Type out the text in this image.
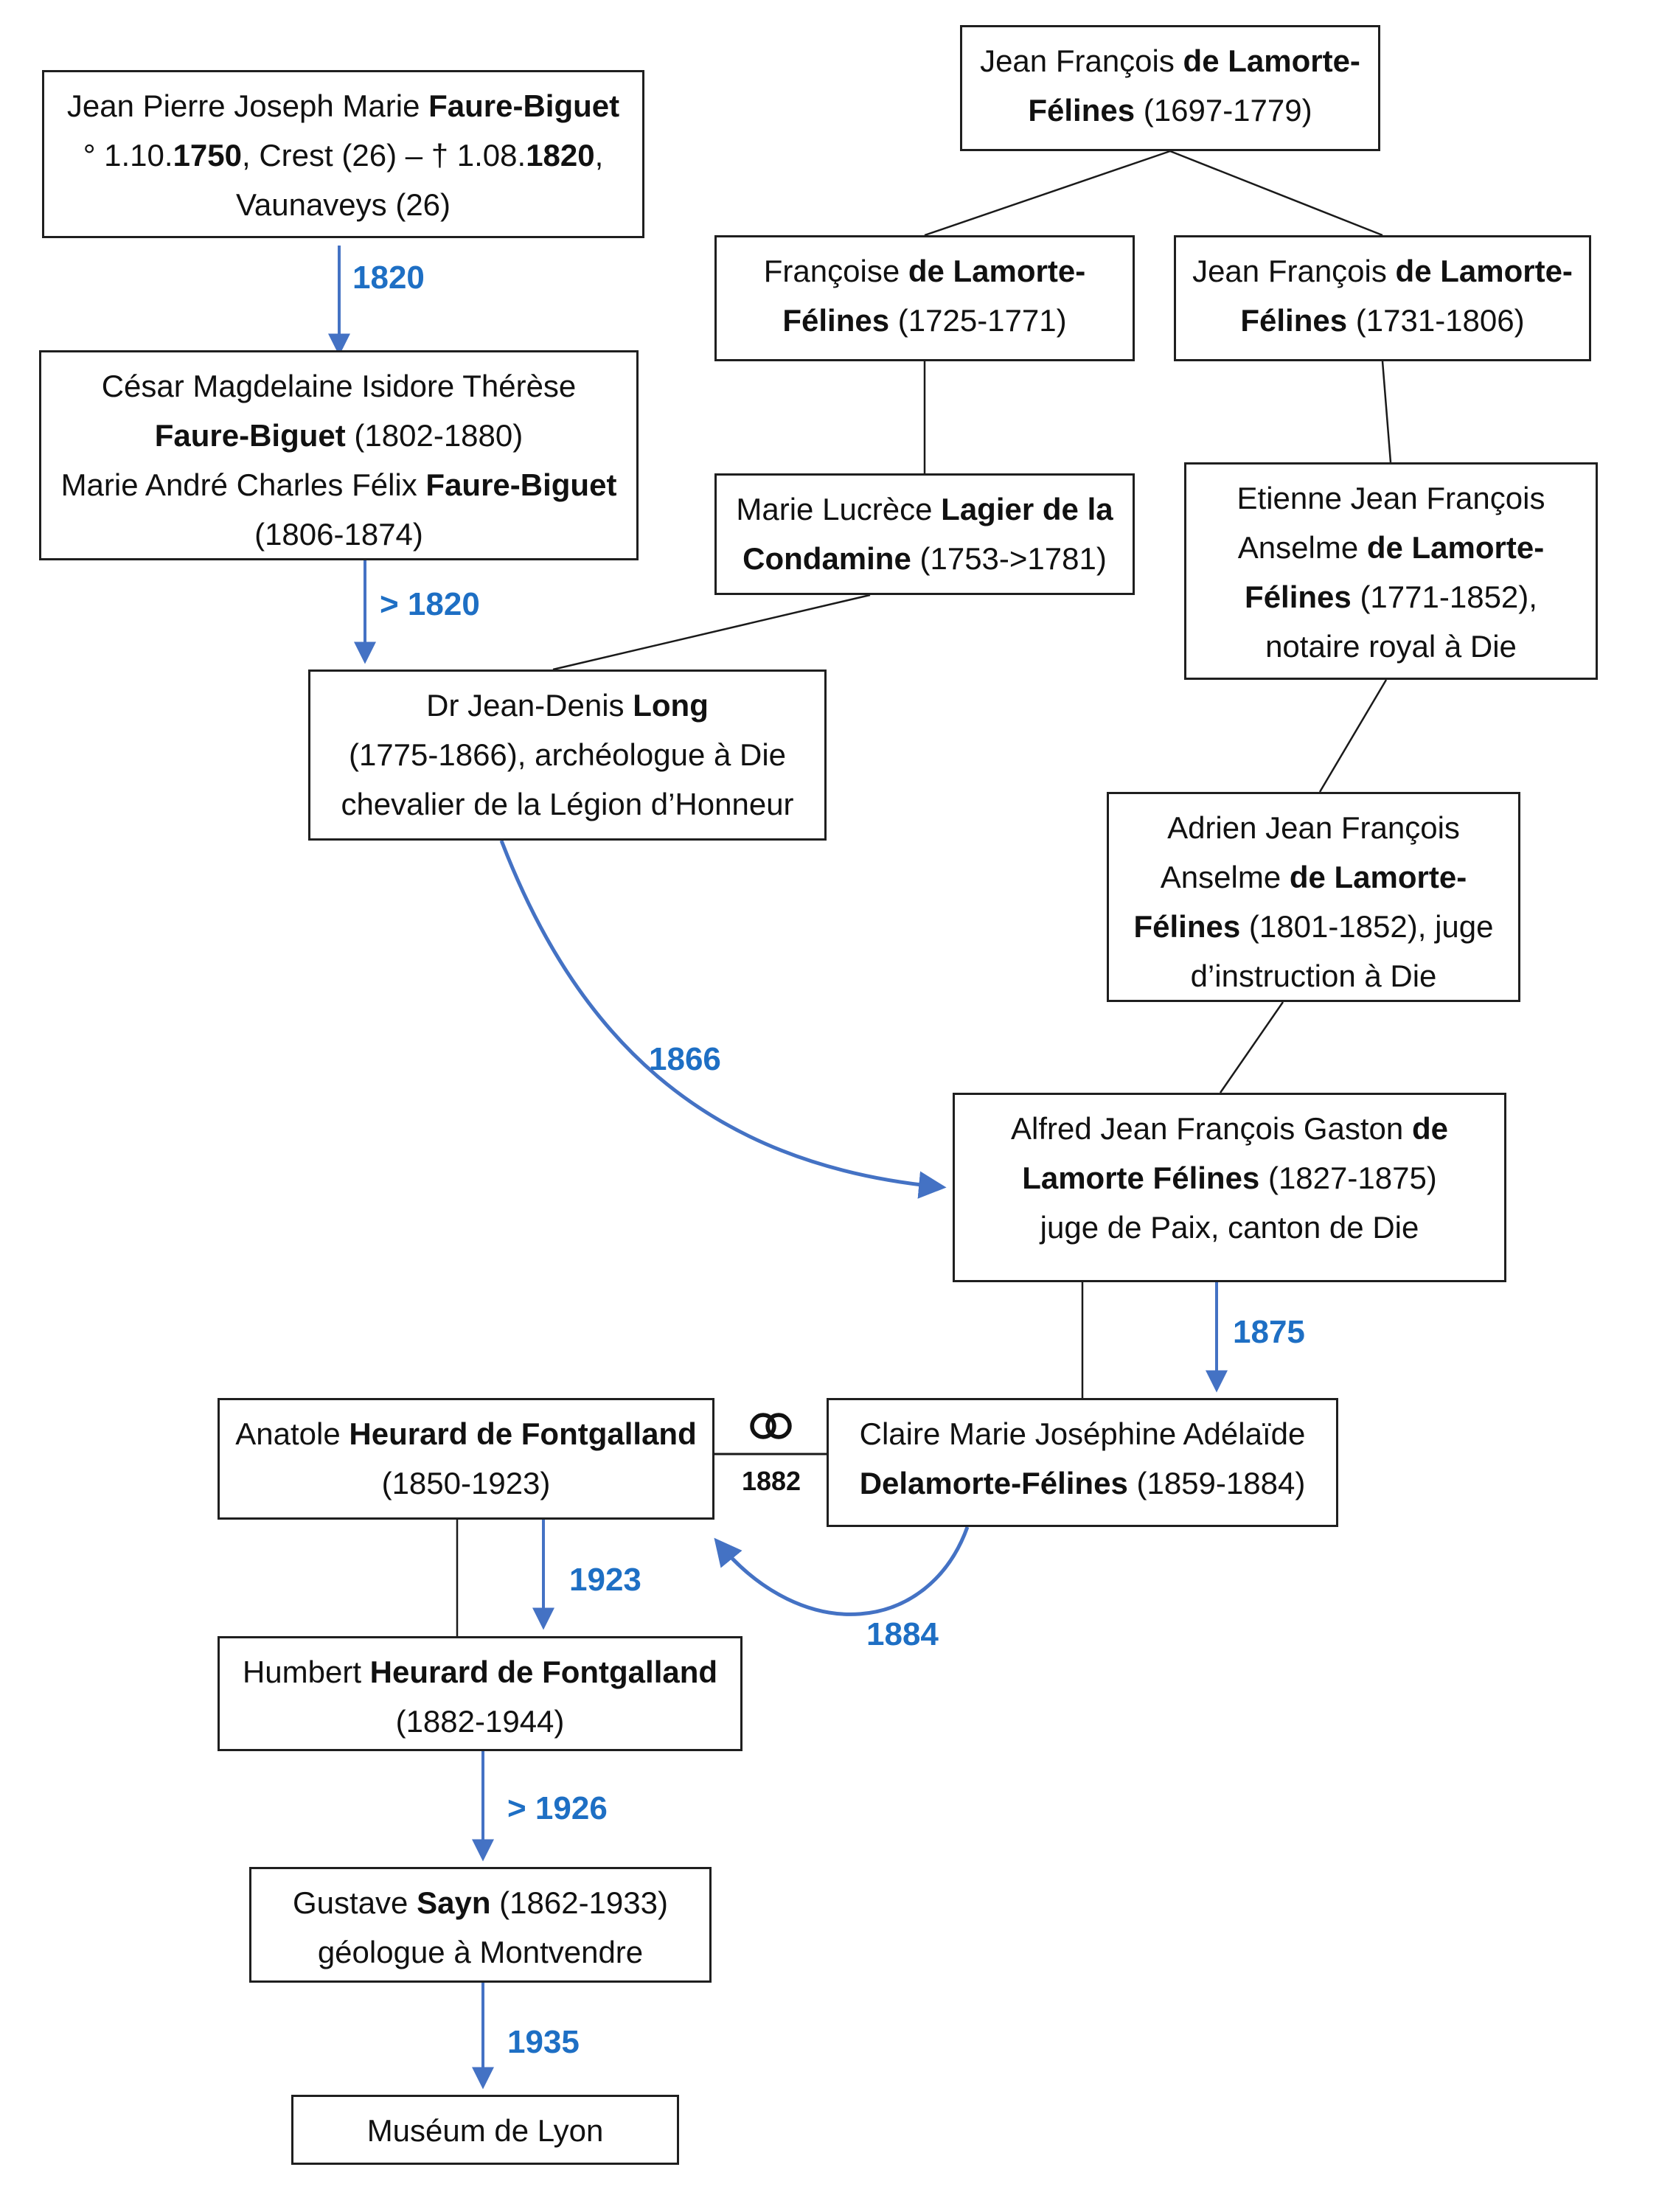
Jean Pierre Joseph Marie Faure-Biguet
° 1.10.1750, Crest (26) – † 1.08.1820,
Vaunaveys (26)
Jean François de Lamorte-
Félines (1697-1779)
Françoise de Lamorte-
Félines (1725-1771)
Jean François de Lamorte-
Félines (1731-1806)
César Magdelaine Isidore Thérèse
Faure-Biguet (1802-1880)
Marie André Charles Félix Faure-Biguet
(1806-1874)
Marie Lucrèce Lagier de la
Condamine (1753->1781)
Etienne Jean François
Anselme de Lamorte-
Félines (1771-1852),
notaire royal à Die
Dr Jean-Denis Long
(1775-1866), archéologue à Die
chevalier de la Légion d’Honneur
Adrien Jean François
Anselme de Lamorte-
Félines (1801-1852), juge
d’instruction à Die
Alfred Jean François Gaston de
Lamorte Félines (1827-1875)
juge de Paix, canton de Die
Anatole Heurard de Fontgalland
(1850-1923)
Claire Marie Joséphine Adélaïde
Delamorte-Félines (1859-1884)
Humbert Heurard de Fontgalland
(1882-1944)
Gustave Sayn (1862-1933)
géologue à Montvendre
Muséum de Lyon
1820
> 1820
1866
1875
1884
1923
> 1926
1935
1882
